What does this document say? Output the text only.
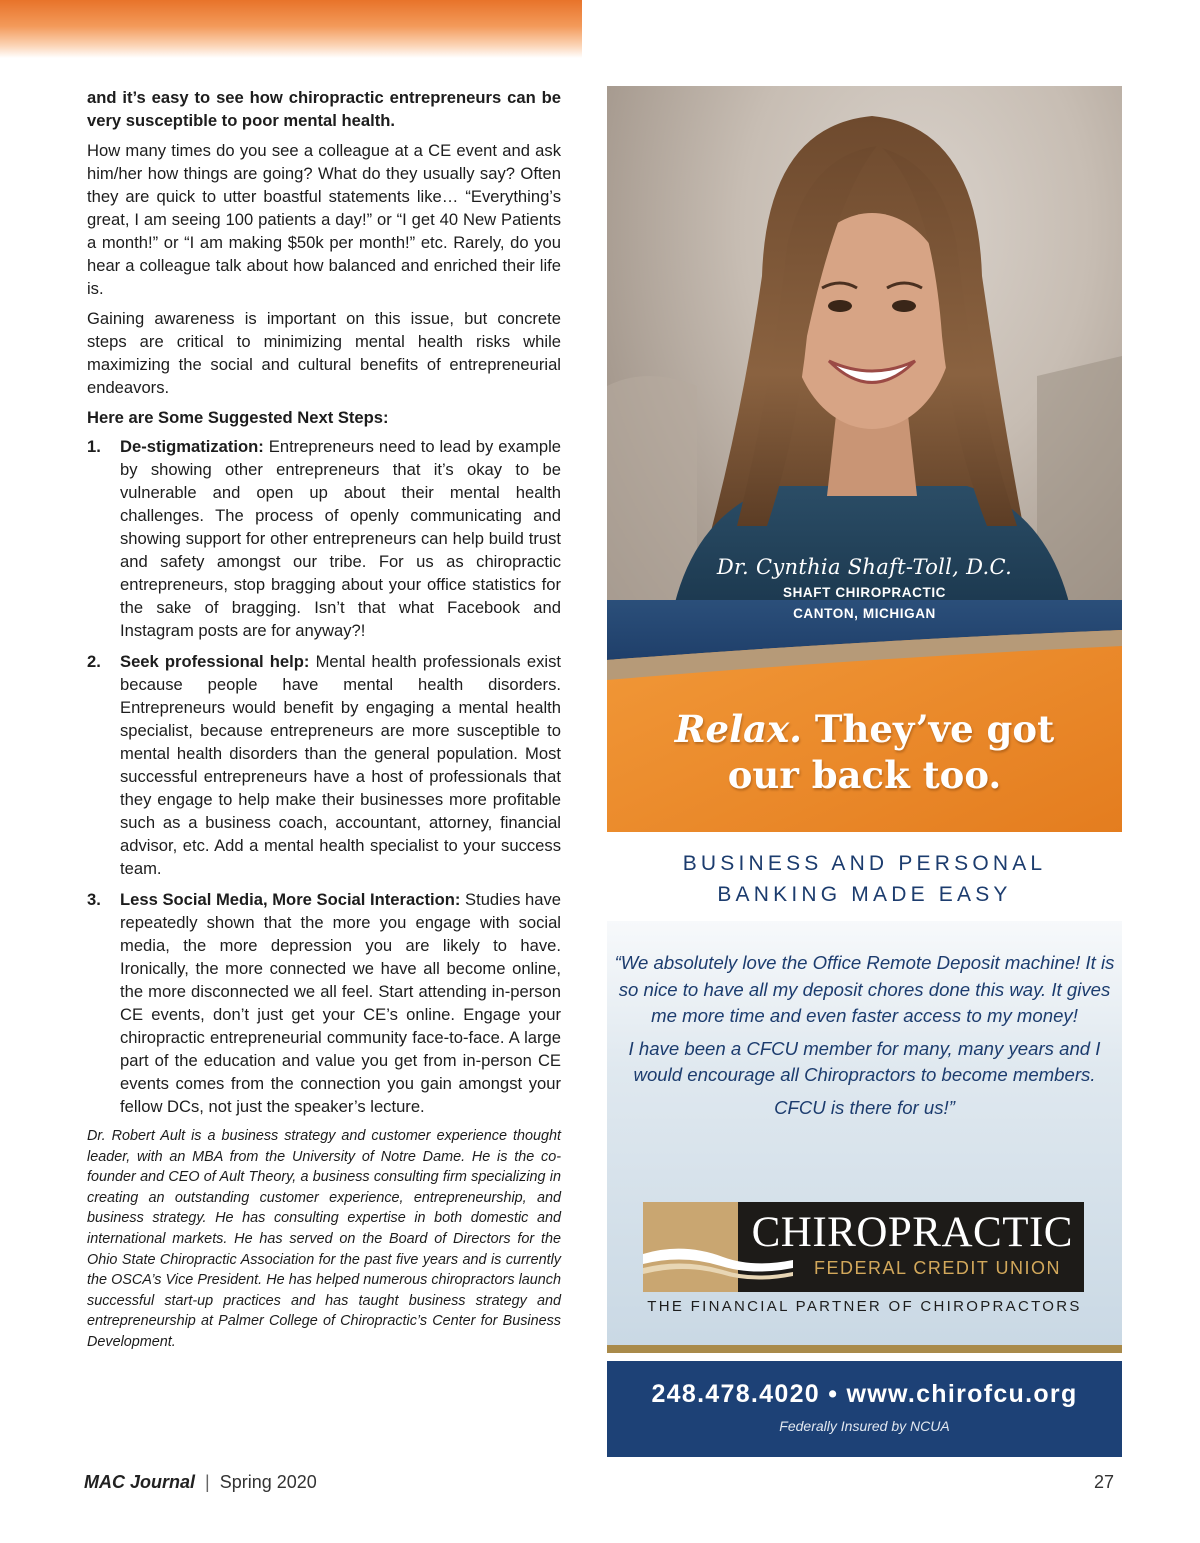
and it’s easy to see how chiropractic entrepreneurs can be very susceptible to poor mental health.

How many times do you see a colleague at a CE event and ask him/her how things are going? What do they usually say? Often they are quick to utter boastful statements like… “Everything’s great, I am seeing 100 patients a day!” or “I get 40 New Patients a month!” or “I am making $50k per month!” etc. Rarely, do you hear a colleague talk about how balanced and enriched their life is.

Gaining awareness is important on this issue, but concrete steps are critical to minimizing mental health risks while maximizing the social and cultural benefits of entrepreneurial endeavors.

Here are Some Suggested Next Steps:

1. De-stigmatization: Entrepreneurs need to lead by example by showing other entrepreneurs that it’s okay to be vulnerable and open up about their mental health challenges. The process of openly communicating and showing support for other entrepreneurs can help build trust and safety amongst our tribe. For us as chiropractic entrepreneurs, stop bragging about your office statistics for the sake of bragging. Isn’t that what Facebook and Instagram posts are for anyway?!
2. Seek professional help: Mental health professionals exist because people have mental health disorders. Entrepreneurs would benefit by engaging a mental health specialist, because entrepreneurs are more susceptible to mental health disorders than the general population. Most successful entrepreneurs have a host of professionals that they engage to help make their businesses more profitable such as a business coach, accountant, attorney, financial advisor, etc. Add a mental health specialist to your success team.
3. Less Social Media, More Social Interaction: Studies have repeatedly shown that the more you engage with social media, the more depression you are likely to have. Ironically, the more connected we have all become online, the more disconnected we all feel. Start attending in-person CE events, don’t just get your CE’s online. Engage your chiropractic entrepreneurial community face-to-face. A large part of the education and value you get from in-person CE events comes from the connection you gain amongst your fellow DCs, not just the speaker’s lecture.

Dr. Robert Ault is a business strategy and customer experience thought leader, with an MBA from the University of Notre Dame. He is the co-founder and CEO of Ault Theory, a business consulting firm specializing in creating an outstanding customer experience, entrepreneurship, and business strategy. He has consulting expertise in both domestic and international markets. He has served on the Board of Directors for the Ohio State Chiropractic Association for the past five years and is currently the OSCA’s Vice President. He has helped numerous chiropractors launch successful start-up practices and has taught business strategy and entrepreneurship at Palmer College of Chiropractic’s Center for Business Development.

Dr. Cynthia Shaft-Toll, D.C.
SHAFT CHIROPRACTIC
CANTON, MICHIGAN
Relax. They’ve got
our back too.
BUSINESS AND PERSONAL
BANKING MADE EASY

“We absolutely love the Office Remote Deposit machine! It is so nice to have all my deposit chores done this way. It gives me more time and even faster access to my money!

I have been a CFCU member for many, many years and I would encourage all Chiropractors to become members.

CFCU is there for us!”

CHIROPRACTIC
FEDERAL CREDIT UNION
THE FINANCIAL PARTNER OF CHIROPRACTORS
248.478.4020 • www.chirofcu.org
Federally Insured by NCUA
MAC Journal | Spring 2020	27
